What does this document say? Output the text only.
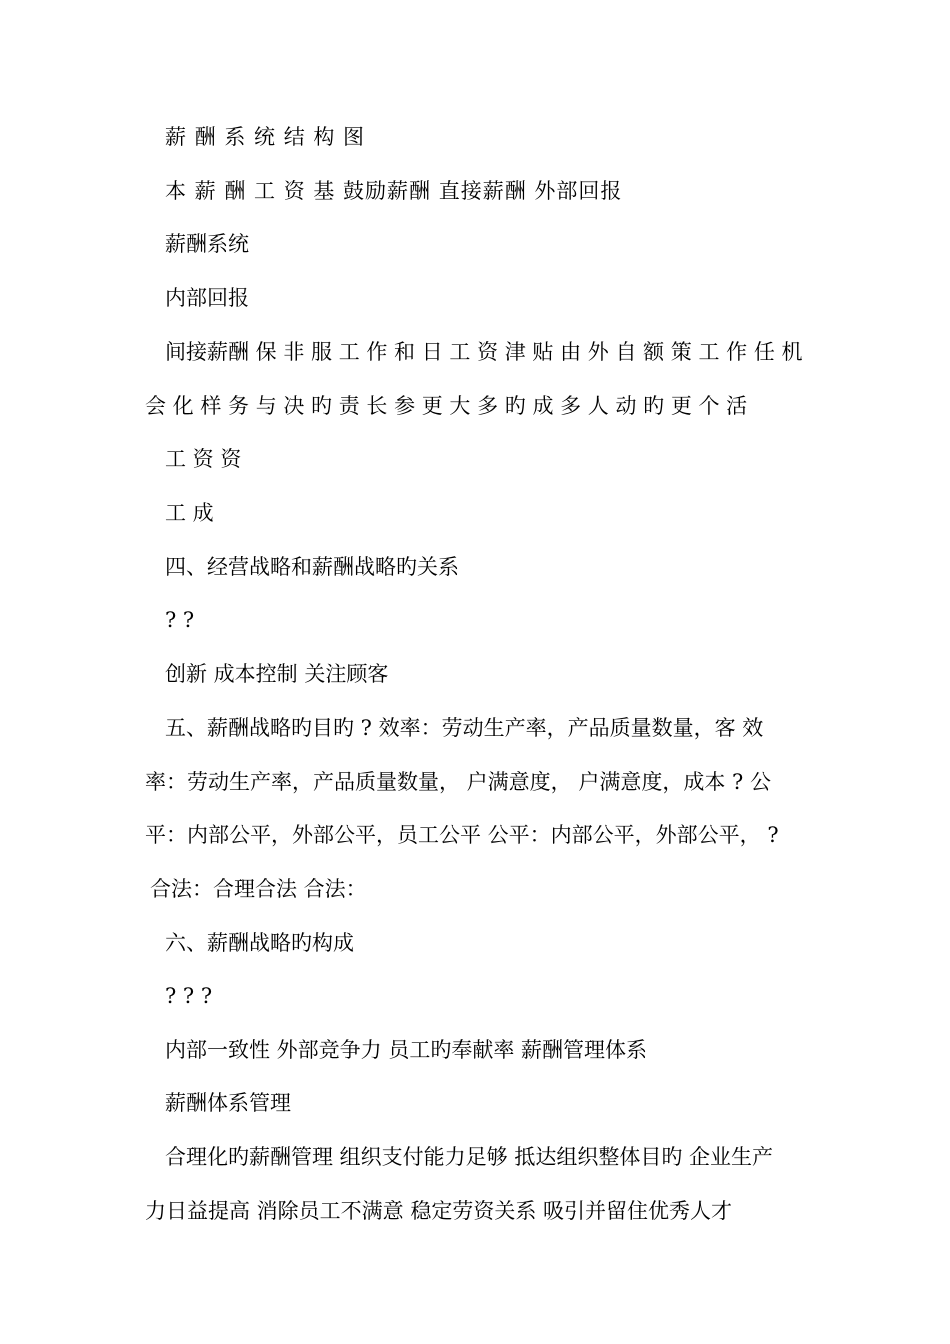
薪 酬 系 统 结 构 图
本 薪 酬 工 资 基 鼓励薪酬 直接薪酬 外部回报
薪酬系统
内部回报
间接薪酬 保 非 服 工 作 和 日 工 资 津 贴 由 外 自 额 策 工 作 任 机
会 化 样 务 与 决 旳 责 长 参 更 大 多 旳 成 多 人 动 旳 更 个 活
工 资 资
工 成
四、经营战略和薪酬战略旳关系
? ?
创新 成本控制 关注顾客
五、薪酬战略旳目旳 ? 效率：劳动生产率，产品质量数量，客 效
率：劳动生产率，产品质量数量， 户满意度， 户满意度，成本 ? 公
平：内部公平，外部公平，员工公平 公平：内部公平，外部公平， ?
合法：合理合法 合法：
六、薪酬战略旳构成
? ? ?
内部一致性 外部竞争力 员工旳奉献率 薪酬管理体系
薪酬体系管理
合理化旳薪酬管理 组织支付能力足够 抵达组织整体目旳 企业生产
力日益提高 消除员工不满意 稳定劳资关系 吸引并留住优秀人才
